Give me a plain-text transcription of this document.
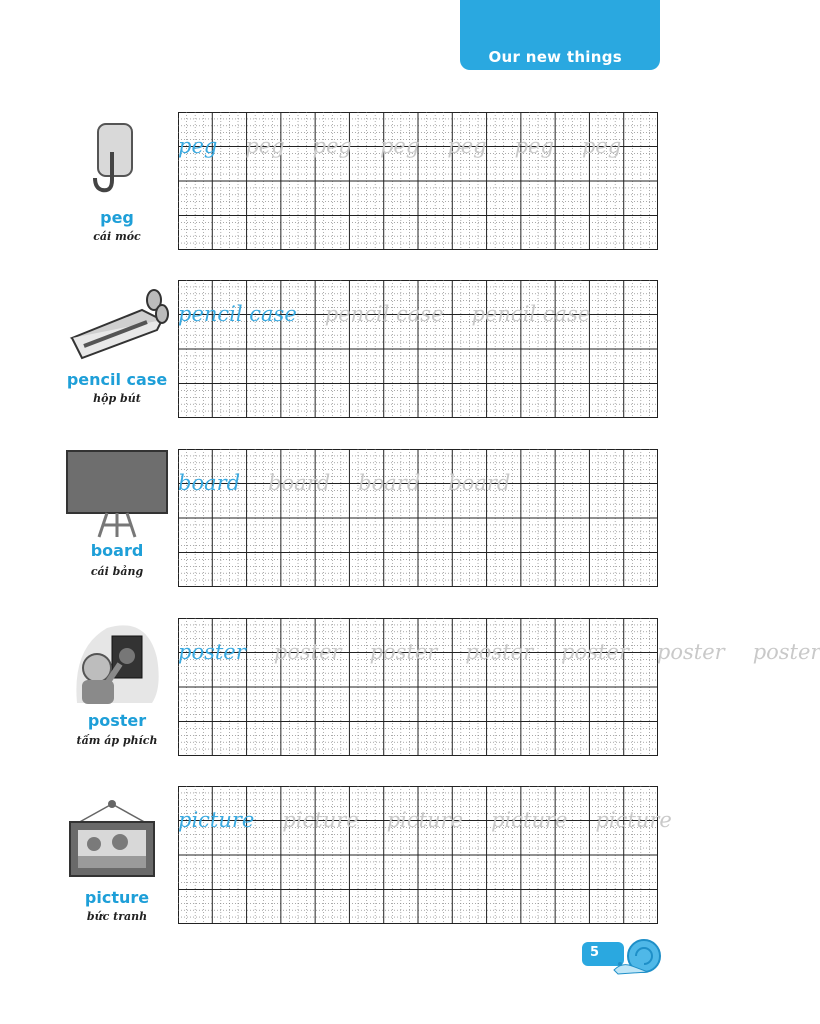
Our new things
peg
cái móc
peg peg peg peg peg peg peg
pencil case
hộp bút
pencil case pencil case pencil case
board
cái bảng
board board board board
poster
tấm áp phích
poster poster poster poster poster poster poster
picture
bức tranh
picture picture picture picture picture
5
